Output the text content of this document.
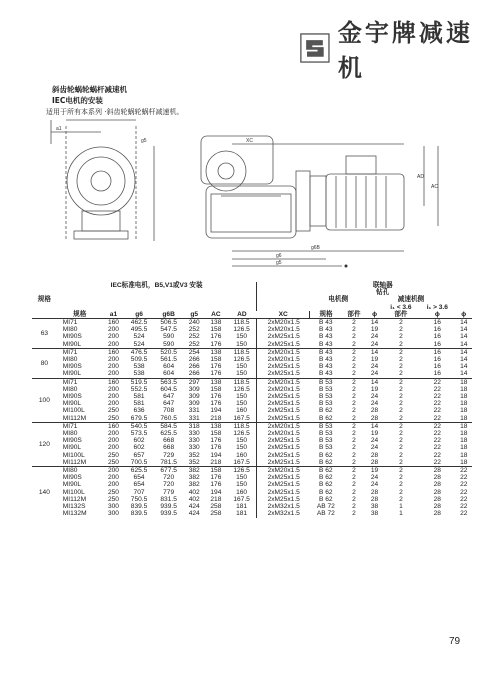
金宇牌减速机
斜齿轮蜗轮蜗杆减速机
IEC电机的安装
适用于所有本系列 ·斜齿轮蜗轮蜗杆减速机。
AD
AC
g6B
g6
g5
g5	XC
a1
	IEC标准电机，B5,V1或V3 安装								联轴器					
规格									钻孔					
									电机侧		减速机侧			
												i₁ < 3.6	i₁ > 3.6	
	规格	a1	g6	g6B	g5	AC	AD	XC	规格	部件	ϕ	部件	ϕ	ϕ
63	MI71	160	462.5	506.5	240	138	118.5	2xM20x1.5	B 43	2	14	2	16	14
	MI80	200	495.5	547.5	252	158	126.5	2xM20x1.5	B 43	2	19	2	16	14
	MI90S	200	524	590	252	176	150	2xM25x1.5	B 43	2	24	2	16	14
	MI90L	200	524	590	252	176	150	2xM25x1.5	B 43	2	24	2	16	14
80	MI71	160	476.5	520.5	254	138	118.5	2xM20x1.5	B 43	2	14	2	16	14
	MI80	200	509.5	561.5	266	158	126.5	2xM20x1.5	B 43	2	19	2	16	14
	MI90S	200	538	604	266	176	150	2xM25x1.5	B 43	2	24	2	16	14
	MI90L	200	538	604	266	176	150	2xM25x1.5	B 43	2	24	2	16	14
100	MI71	160	519.5	563.5	297	138	118.5	2xM20x1.5	B 53	2	14	2	22	18
	MI80	200	552.5	604.5	309	158	126.5	2xM20x1.5	B 53	2	19	2	22	18
	MI90S	200	581	647	309	176	150	2xM25x1.5	B 53	2	24	2	22	18
	MI90L	200	581	647	309	176	150	2xM25x1.5	B 53	2	24	2	22	18
	MI100L	250	636	708	331	194	160	2xM25x1.5	B 62	2	28	2	22	18
	MI112M	250	679.5	760.5	331	218	167.5	2xM25x1.5	B 62	2	28	2	22	18
120	MI71	160	540.5	584.5	318	138	118.5	2xM20x1.5	B 53	2	14	2	22	18
	MI80	200	573.5	625.5	330	158	126.5	2xM20x1.5	B 53	2	19	2	22	18
	MI90S	200	602	668	330	176	150	2xM25x1.5	B 53	2	24	2	22	18
	MI90L	200	602	668	330	176	150	2xM25x1.5	B 53	2	24	2	22	18
	MI100L	250	657	729	352	194	160	2xM25x1.5	B 62	2	28	2	22	18
	MI112M	250	700.5	781.5	352	218	167.5	2xM25x1.5	B 62	2	28	2	22	18
140	MI80	200	625.5	677.5	382	158	126.5	2xM20x1.5	B 62	2	19	2	28	22
	MI90S	200	654	720	382	176	150	2xM25x1.5	B 62	2	24	2	28	22
	MI90L	200	654	720	382	176	150	2xM25x1.5	B 62	2	24	2	28	22
	MI100L	250	707	779	402	194	160	2xM25x1.5	B 62	2	28	2	28	22
	MI112M	250	750.5	831.5	402	218	167.5	2xM25x1.5	B 62	2	28	2	28	22
	MI132S	300	839.5	939.5	424	258	181	2xM32x1.5	AB 72	2	38	1	28	22
	MI132M	300	839.5	939.5	424	258	181	2xM32x1.5	AB 72	2	38	1	28	22
79
